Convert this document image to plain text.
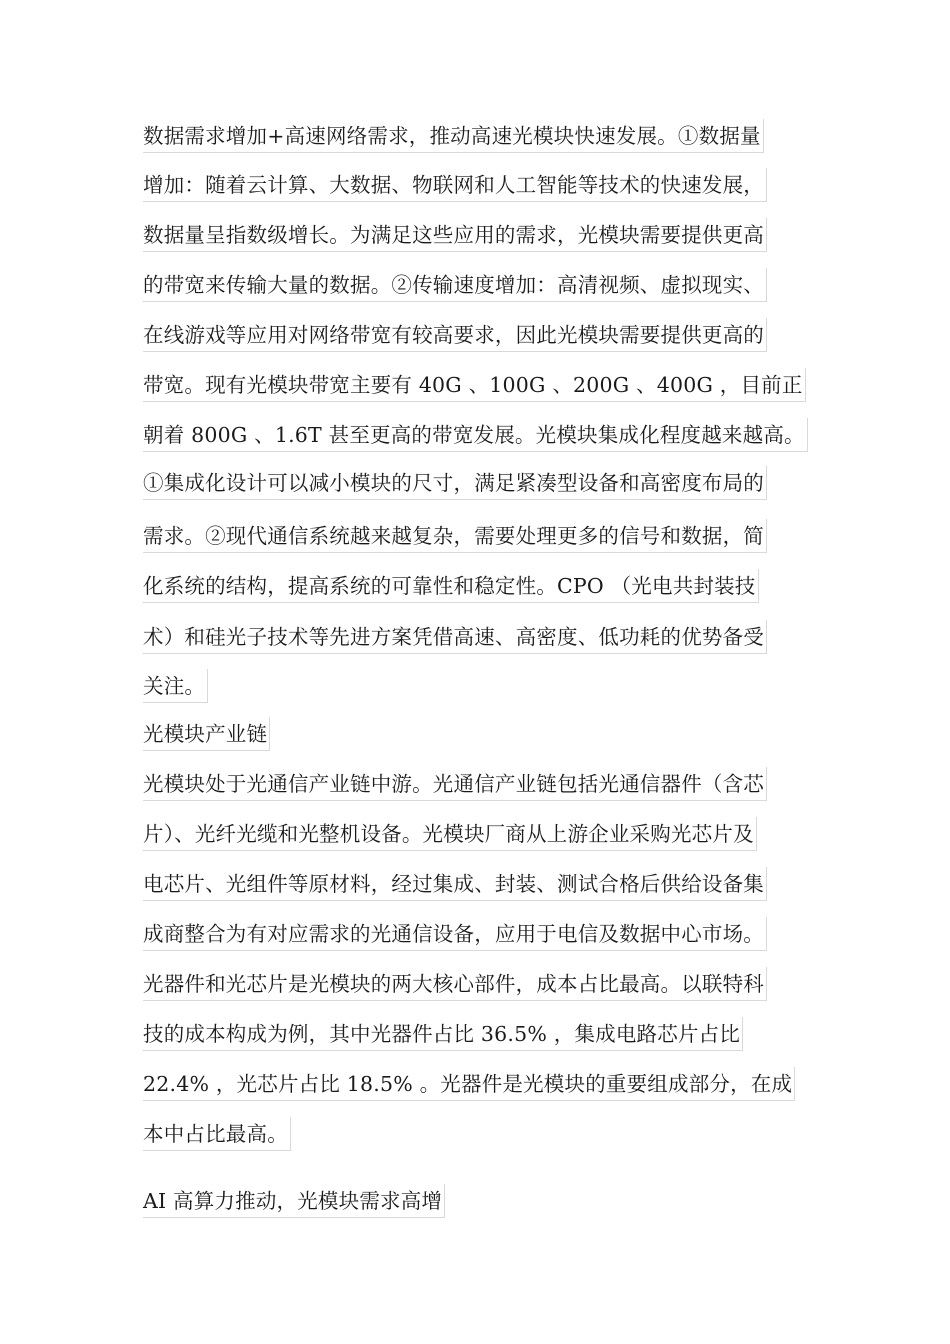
数据需求增加+高速网络需求，推动高速光模块快速发展。①数据量
增加：随着云计算、大数据、物联网和人工智能等技术的快速发展，
数据量呈指数级增长。为满足这些应用的需求，光模块需要提供更高
的带宽来传输大量的数据。②传输速度增加：高清视频、虚拟现实、
在线游戏等应用对网络带宽有较高要求，因此光模块需要提供更高的
带宽。现有光模块带宽主要有 40G 、100G 、200G 、400G ，目前正
朝着 800G 、1.6T 甚至更高的带宽发展。光模块集成化程度越来越高。
①集成化设计可以减小模块的尺寸，满足紧凑型设备和高密度布局的
需求。②现代通信系统越来越复杂，需要处理更多的信号和数据，简
化系统的结构，提高系统的可靠性和稳定性。CPO （光电共封装技
术）和硅光子技术等先进方案凭借高速、高密度、低功耗的优势备受
关注。
光模块产业链
光模块处于光通信产业链中游。光通信产业链包括光通信器件（含芯
片）、光纤光缆和光整机设备。光模块厂商从上游企业采购光芯片及
电芯片、光组件等原材料，经过集成、封装、测试合格后供给设备集
成商整合为有对应需求的光通信设备，应用于电信及数据中心市场。
光器件和光芯片是光模块的两大核心部件，成本占比最高。以联特科
技的成本构成为例，其中光器件占比 36.5% ，集成电路芯片占比
22.4% ，光芯片占比 18.5% 。光器件是光模块的重要组成部分，在成
本中占比最高。
AI 高算力推动，光模块需求高增
